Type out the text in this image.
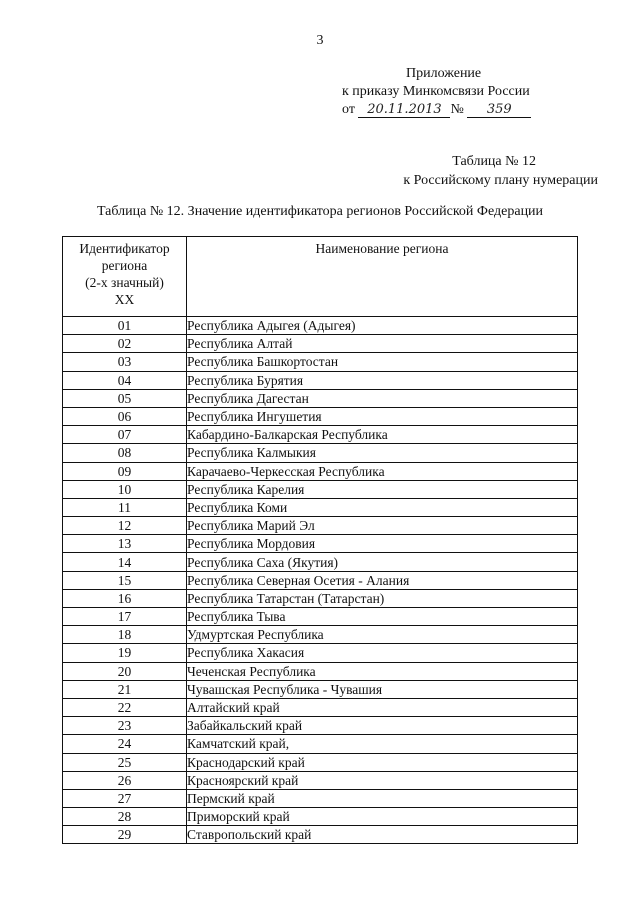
3
Приложение
к приказу Минкомсвязи России
от 20.11.2013 № 359
Таблица № 12
к Российскому плану нумерации
Таблица № 12. Значение идентификатора регионов Российской Федерации
Идентификатор
региона
(2-х значный)
XX	Наименование региона
01	Республика Адыгея (Адыгея)
02	Республика Алтай
03	Республика Башкортостан
04	Республика Бурятия
05	Республика Дагестан
06	Республика Ингушетия
07	Кабардино-Балкарская Республика
08	Республика Калмыкия
09	Карачаево-Черкесская Республика
10	Республика Карелия
11	Республика Коми
12	Республика Марий Эл
13	Республика Мордовия
14	Республика Саха (Якутия)
15	Республика Северная Осетия - Алания
16	Республика Татарстан (Татарстан)
17	Республика Тыва
18	Удмуртская Республика
19	Республика Хакасия
20	Чеченская Республика
21	Чувашская Республика - Чувашия
22	Алтайский край
23	Забайкальский край
24	Камчатский край,
25	Краснодарский край
26	Красноярский край
27	Пермский край
28	Приморский край
29	Ставропольский край
